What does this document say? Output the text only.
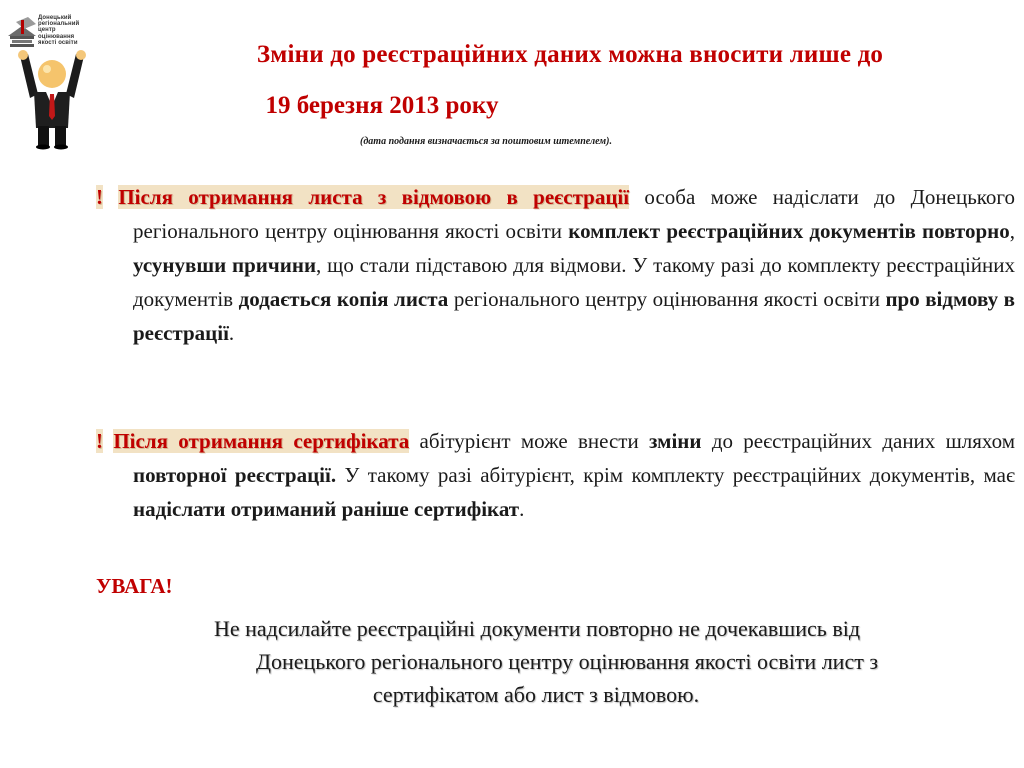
Донецький
регіональний
центр
оцінювання
якості освіти	Зміни до реєстраційних даних можна вносити лише до
19 березня 2013 року
(дата подання визначається за поштовим штемпелем).
! Після отримання листа з відмовою в реєстрації особа може надіслати до Донецького регіонального центру оцінювання якості освіти комплект реєстраційних документів повторно, усунувши причини, що стали підставою для відмови. У такому разі до комплекту реєстраційних документів додається копія листа регіонального центру оцінювання якості освіти про відмову в реєстрації.
! Після отримання сертифіката абітурієнт може внести зміни до реєстраційних даних шляхом повторної реєстрації. У такому разі абітурієнт, крім комплекту реєстраційних документів, має надіслати отриманий раніше сертифікат.
УВАГА!
Не надсилайте реєстраційні документи повторно не дочекавшись від
Донецького регіонального центру оцінювання якості освіти лист з
сертифікатом або лист з відмовою.
